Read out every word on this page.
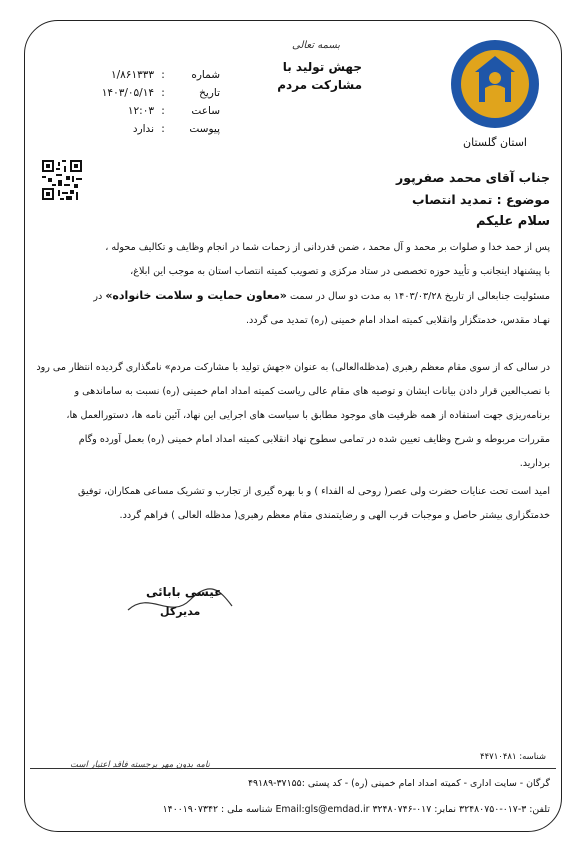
استان گلستان
بسمه تعالی
جهش تولید با
مشارکت مردم
شماره
:
۱/۸۶۱۳۳۳
تاریخ
:
۱۴۰۳/۰۵/۱۴
ساعت
:
۱۲:۰۳
پیوست
:
ندارد
جناب آقای محمد صفرپور
موضوع : تمدید انتصاب
سلام علیکم
پس از حمد خدا و صلوات بر محمد و آل محمد ، ضمن قدردانی از زحمات شما در انجام وظایف و تکالیف محوله ،
با پیشنهاد اینجانب و تأیید حوزه تخصصی در ستاد مرکزی و تصویب کمیته انتصاب استان به موجب این ابلاغ،
مسئولیت جنابعالی از تاریخ ۱۴۰۳/۰۳/۲۸ به مدت دو سال در سمت «معاون حمایت و سلامت خانواده» در
نهـاد مقدس، خدمتگزار وانقلابی کمیته امداد امام خمینی (ره) تمدید می گردد.
در سالی که از سوی مقام معظم رهبری (مدظله‌العالی) به عنوان «جهش تولید با مشارکت مردم» نامگذاری گردیده انتظار می رود
با نصب‌العین قرار دادن بیانات ایشان و توصیه های مقام عالی ریاست کمیته امداد امام خمینی (ره) نسبت به ساماندهی و
برنامه‌ریزی جهت استفاده از همه ظرفیت های موجود مطابق با سیاست های اجرایی این نهاد، آئین نامه ها، دستورالعمل ها،
مقررات مربوطه و شرح وظایف تعیین شده در تمامی سطوح نهاد انقلابی کمیته امداد امام خمینی (ره) بعمل آورده وگام
بردارید.
امید است تحت عنایات حضرت ولی عصر( روحی له الفداء ) و با بهره گیری از تجارب و تشریک مساعی همکاران، توفیق
خدمتگزاری بیشتر حاصل و موجبات قرب الهی و رضایتمندی مقام معظم رهبری( مدظله العالی ) فراهم گردد.
عیسی بابائی
مدیرکل
شناسه: ۴۴۷۱۰۴۸۱
نامه بدون مهر برجسته فاقد اعتبار است
گرگان - سایت اداری - کمیته امداد امام خمینی (ره) - کد پستی :۳۷۱۵۵-۴۹۱۸۹
تلفن: ۳-۰۱۷-۳۲۴۸۰۷۵۰ نمابر: ۰۱۷-۳۲۴۸۰۷۴۶ Email:gls@emdad.ir شناسه ملی : ۱۴۰۰۱۹۰۷۳۴۲
